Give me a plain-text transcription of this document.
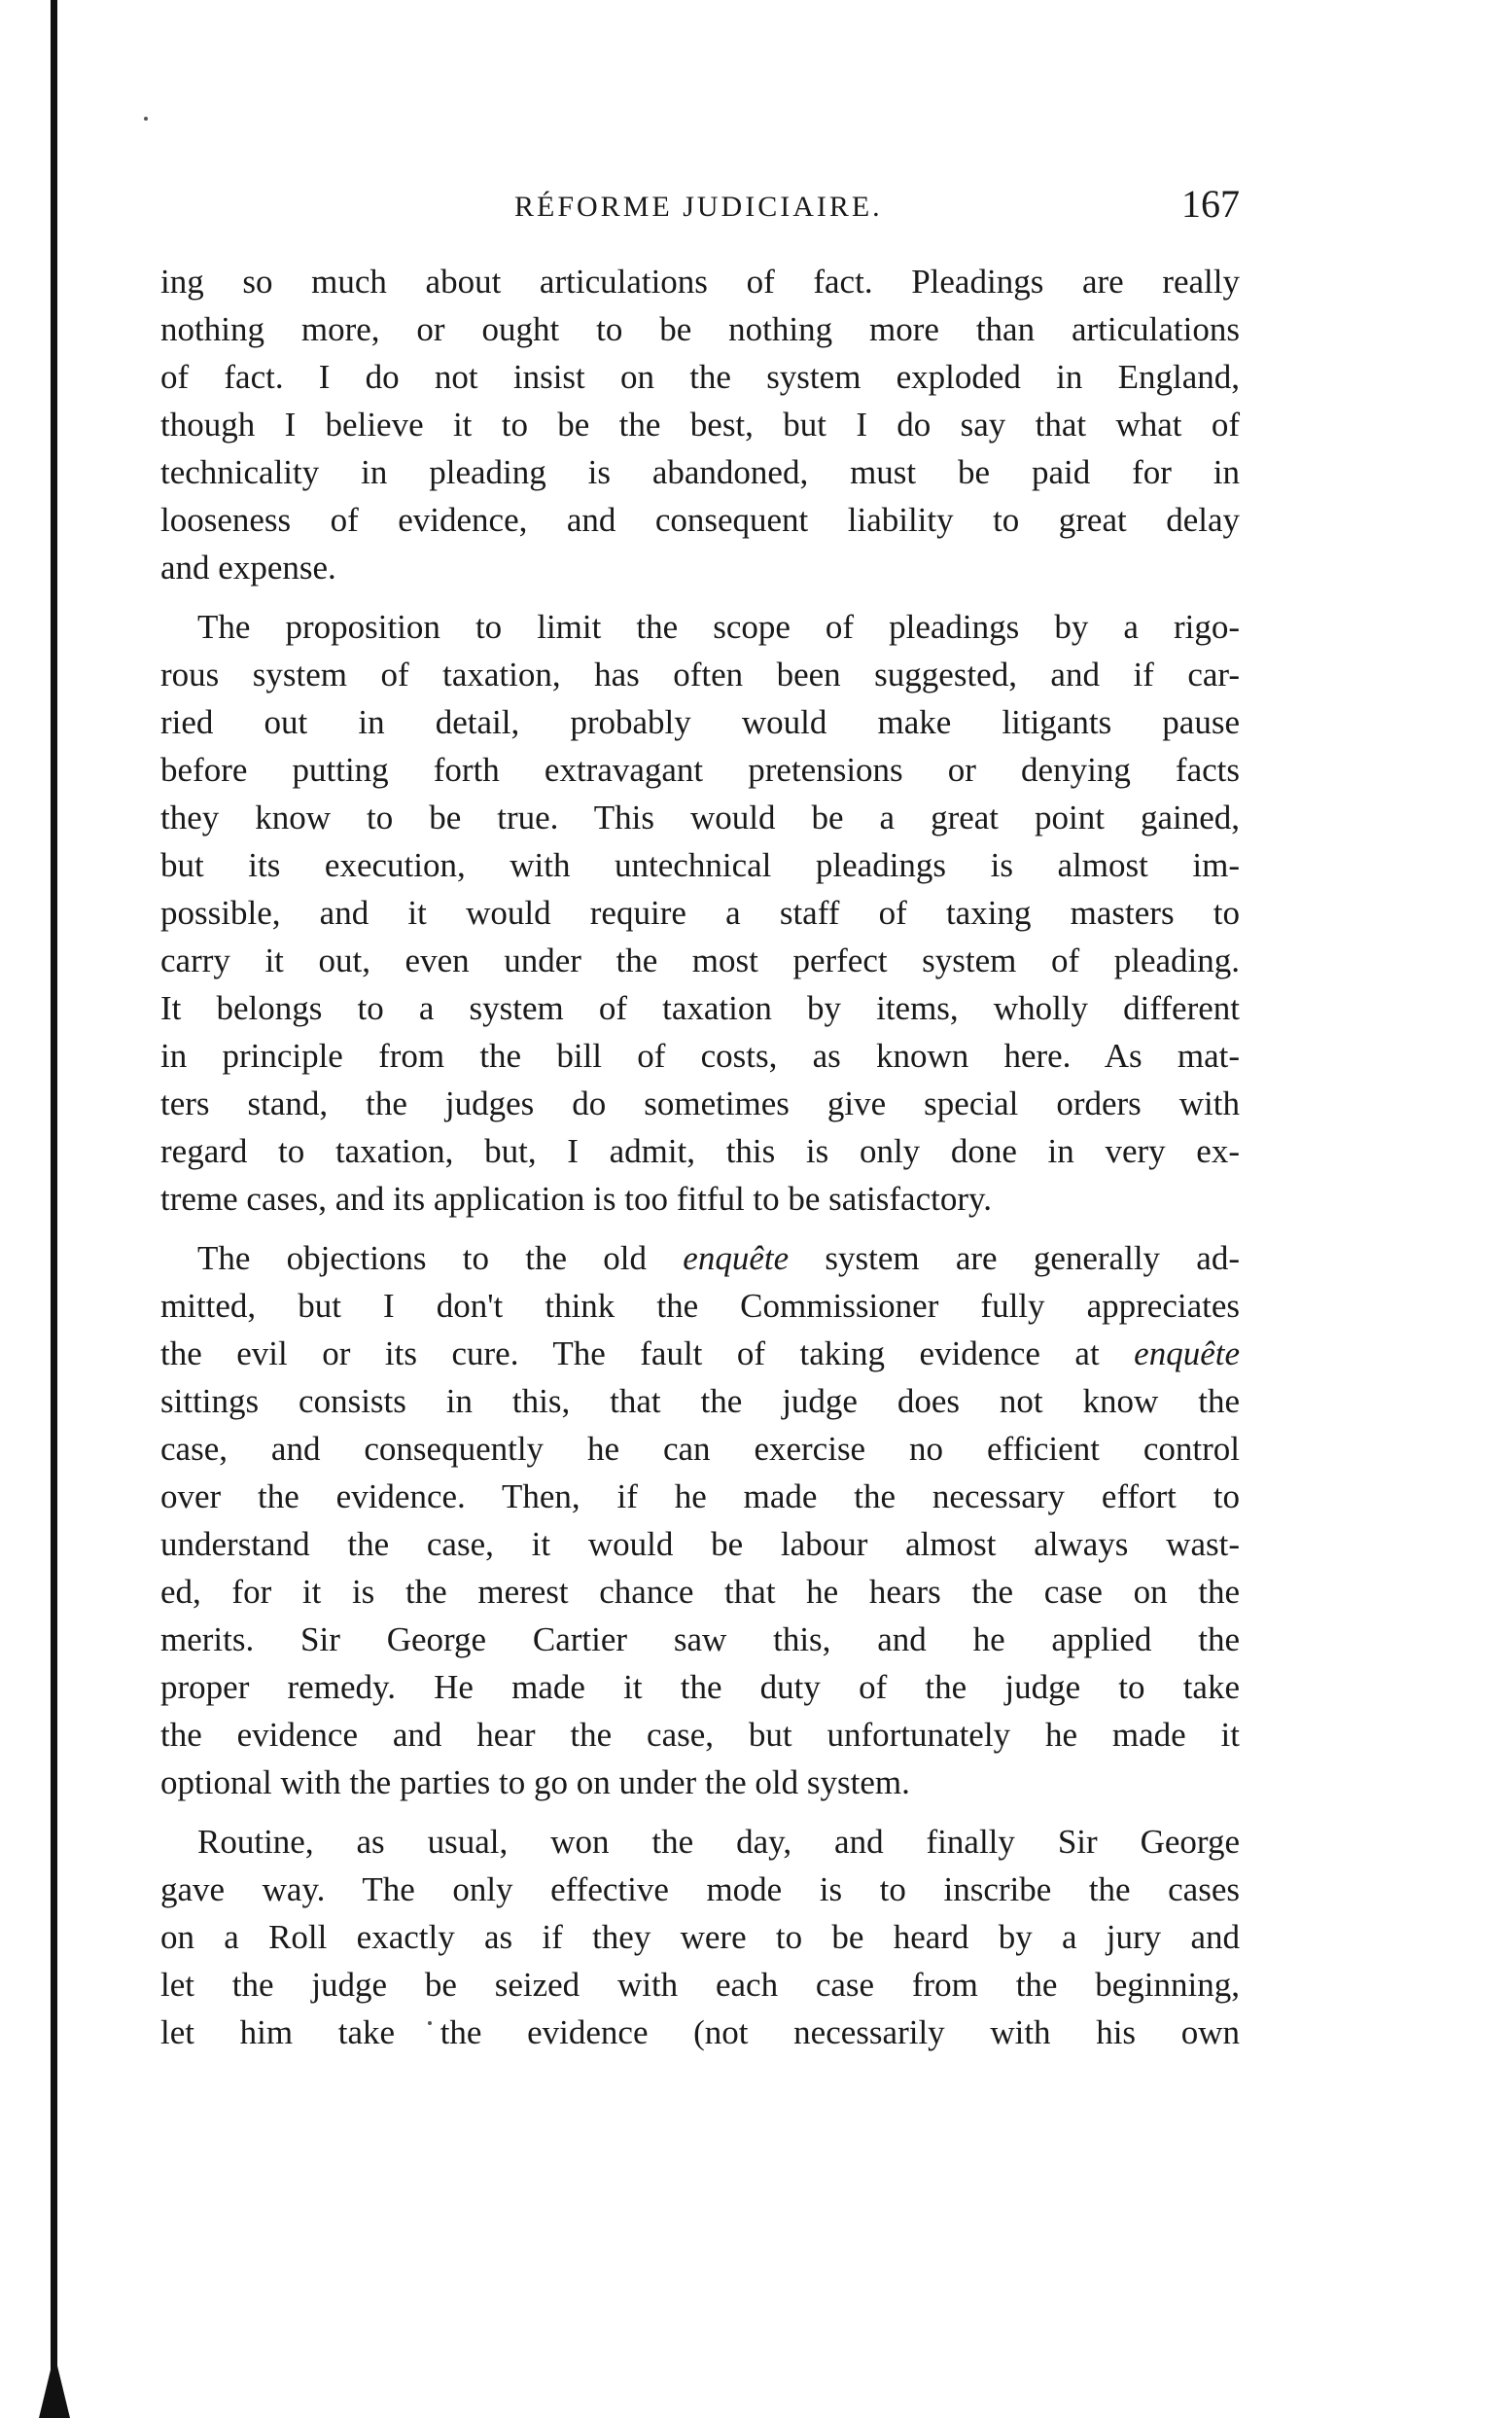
RÉFORME JUDICIAIRE.	167
ing so much about articulations of fact. Pleadings are really
nothing more, or ought to be nothing more than articulations
of fact. I do not insist on the system exploded in England,
though I believe it to be the best, but I do say that what of
technicality in pleading is abandoned, must be paid for in
looseness of evidence, and consequent liability to great delay
and expense.
The proposition to limit the scope of pleadings by a rigo-
rous system of taxation, has often been suggested, and if car-
ried out in detail, probably would make litigants pause
before putting forth extravagant pretensions or denying facts
they know to be true. This would be a great point gained,
but its execution, with untechnical pleadings is almost im-
possible, and it would require a staff of taxing masters to
carry it out, even under the most perfect system of pleading.
It belongs to a system of taxation by items, wholly different
in principle from the bill of costs, as known here. As mat-
ters stand, the judges do sometimes give special orders with
regard to taxation, but, I admit, this is only done in very ex-
treme cases, and its application is too fitful to be satisfactory.
The objections to the old enquête system are generally ad-
mitted, but I don't think the Commissioner fully appreciates
the evil or its cure. The fault of taking evidence at enquête
sittings consists in this, that the judge does not know the
case, and consequently he can exercise no efficient control
over the evidence. Then, if he made the necessary effort to
understand the case, it would be labour almost always wast-
ed, for it is the merest chance that he hears the case on the
merits. Sir George Cartier saw this, and he applied the
proper remedy. He made it the duty of the judge to take
the evidence and hear the case, but unfortunately he made it
optional with the parties to go on under the old system.
Routine, as usual, won the day, and finally Sir George
gave way. The only effective mode is to inscribe the cases
on a Roll exactly as if they were to be heard by a jury and
let the judge be seized with each case from the beginning,
let him take the evidence (not necessarily with his own
